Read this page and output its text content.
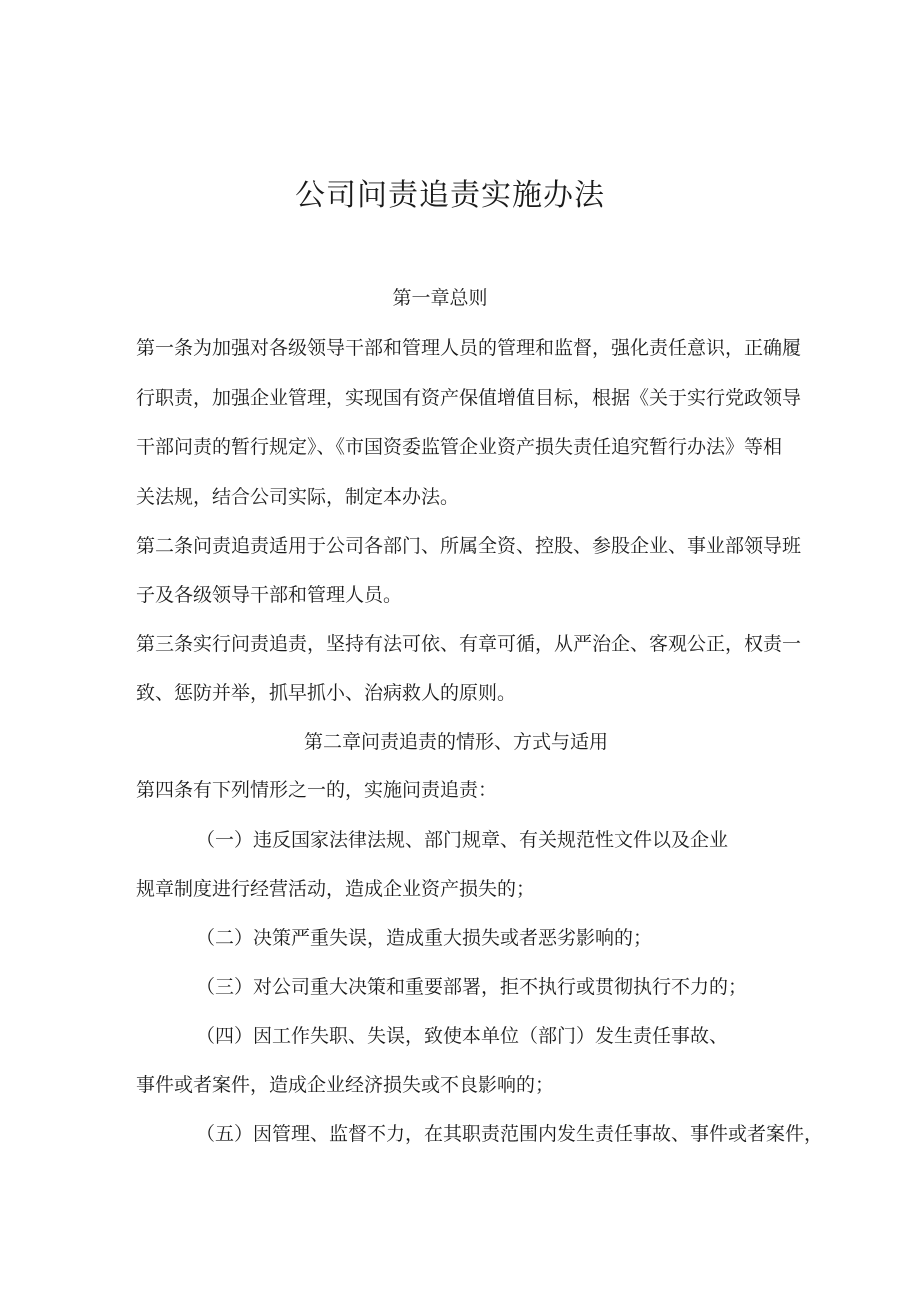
公司问责追责实施办法
第一章总则
第一条为加强对各级领导干部和管理人员的管理和监督，强化责任意识，正确履
行职责，加强企业管理，实现国有资产保值增值目标，根据《关于实行党政领导
干部问责的暂行规定》、《市国资委监管企业资产损失责任追究暂行办法》等相
关法规，结合公司实际，制定本办法。
第二条问责追责适用于公司各部门、所属全资、控股、参股企业、事业部领导班
子及各级领导干部和管理人员。
第三条实行问责追责，坚持有法可依、有章可循，从严治企、客观公正，权责一
致、惩防并举，抓早抓小、治病救人的原则。
第二章问责追责的情形、方式与适用
第四条有下列情形之一的，实施问责追责：
（一）违反国家法律法规、部门规章、有关规范性文件以及企业
规章制度进行经营活动，造成企业资产损失的；
（二）决策严重失误，造成重大损失或者恶劣影响的；
（三）对公司重大决策和重要部署，拒不执行或贯彻执行不力的；
（四）因工作失职、失误，致使本单位（部门）发生责任事故、
事件或者案件，造成企业经济损失或不良影响的；
（五）因管理、监督不力，在其职责范围内发生责任事故、事件或者案件，
